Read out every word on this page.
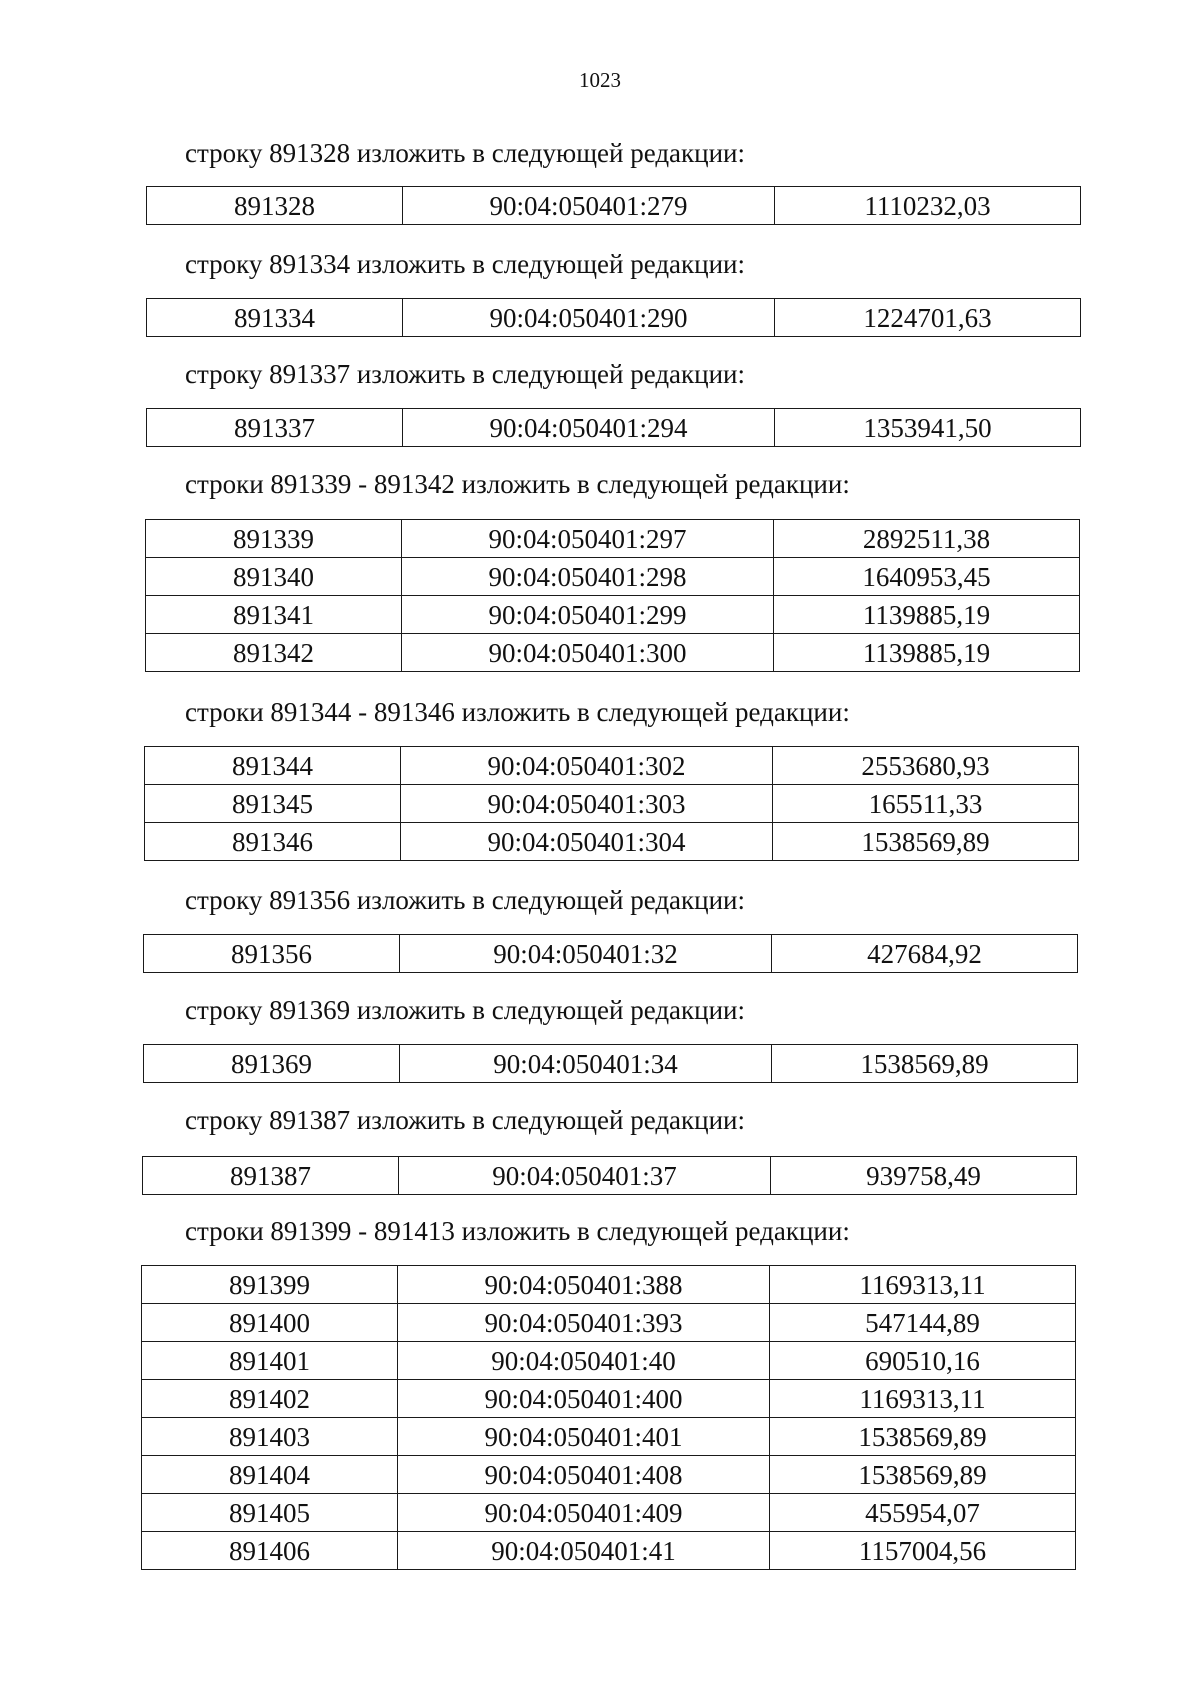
1023
строку 891328 изложить в следующей редакции:
891328	90:04:050401:279	1110232,03
строку 891334 изложить в следующей редакции:
891334	90:04:050401:290	1224701,63
строку 891337 изложить в следующей редакции:
891337	90:04:050401:294	1353941,50
строки 891339 - 891342 изложить в следующей редакции:
891339	90:04:050401:297	2892511,38
891340	90:04:050401:298	1640953,45
891341	90:04:050401:299	1139885,19
891342	90:04:050401:300	1139885,19
строки 891344 - 891346 изложить в следующей редакции:
891344	90:04:050401:302	2553680,93
891345	90:04:050401:303	165511,33
891346	90:04:050401:304	1538569,89
строку 891356 изложить в следующей редакции:
891356	90:04:050401:32	427684,92
строку 891369 изложить в следующей редакции:
891369	90:04:050401:34	1538569,89
строку 891387 изложить в следующей редакции:
891387	90:04:050401:37	939758,49
строки 891399 - 891413 изложить в следующей редакции:
891399	90:04:050401:388	1169313,11
891400	90:04:050401:393	547144,89
891401	90:04:050401:40	690510,16
891402	90:04:050401:400	1169313,11
891403	90:04:050401:401	1538569,89
891404	90:04:050401:408	1538569,89
891405	90:04:050401:409	455954,07
891406	90:04:050401:41	1157004,56
